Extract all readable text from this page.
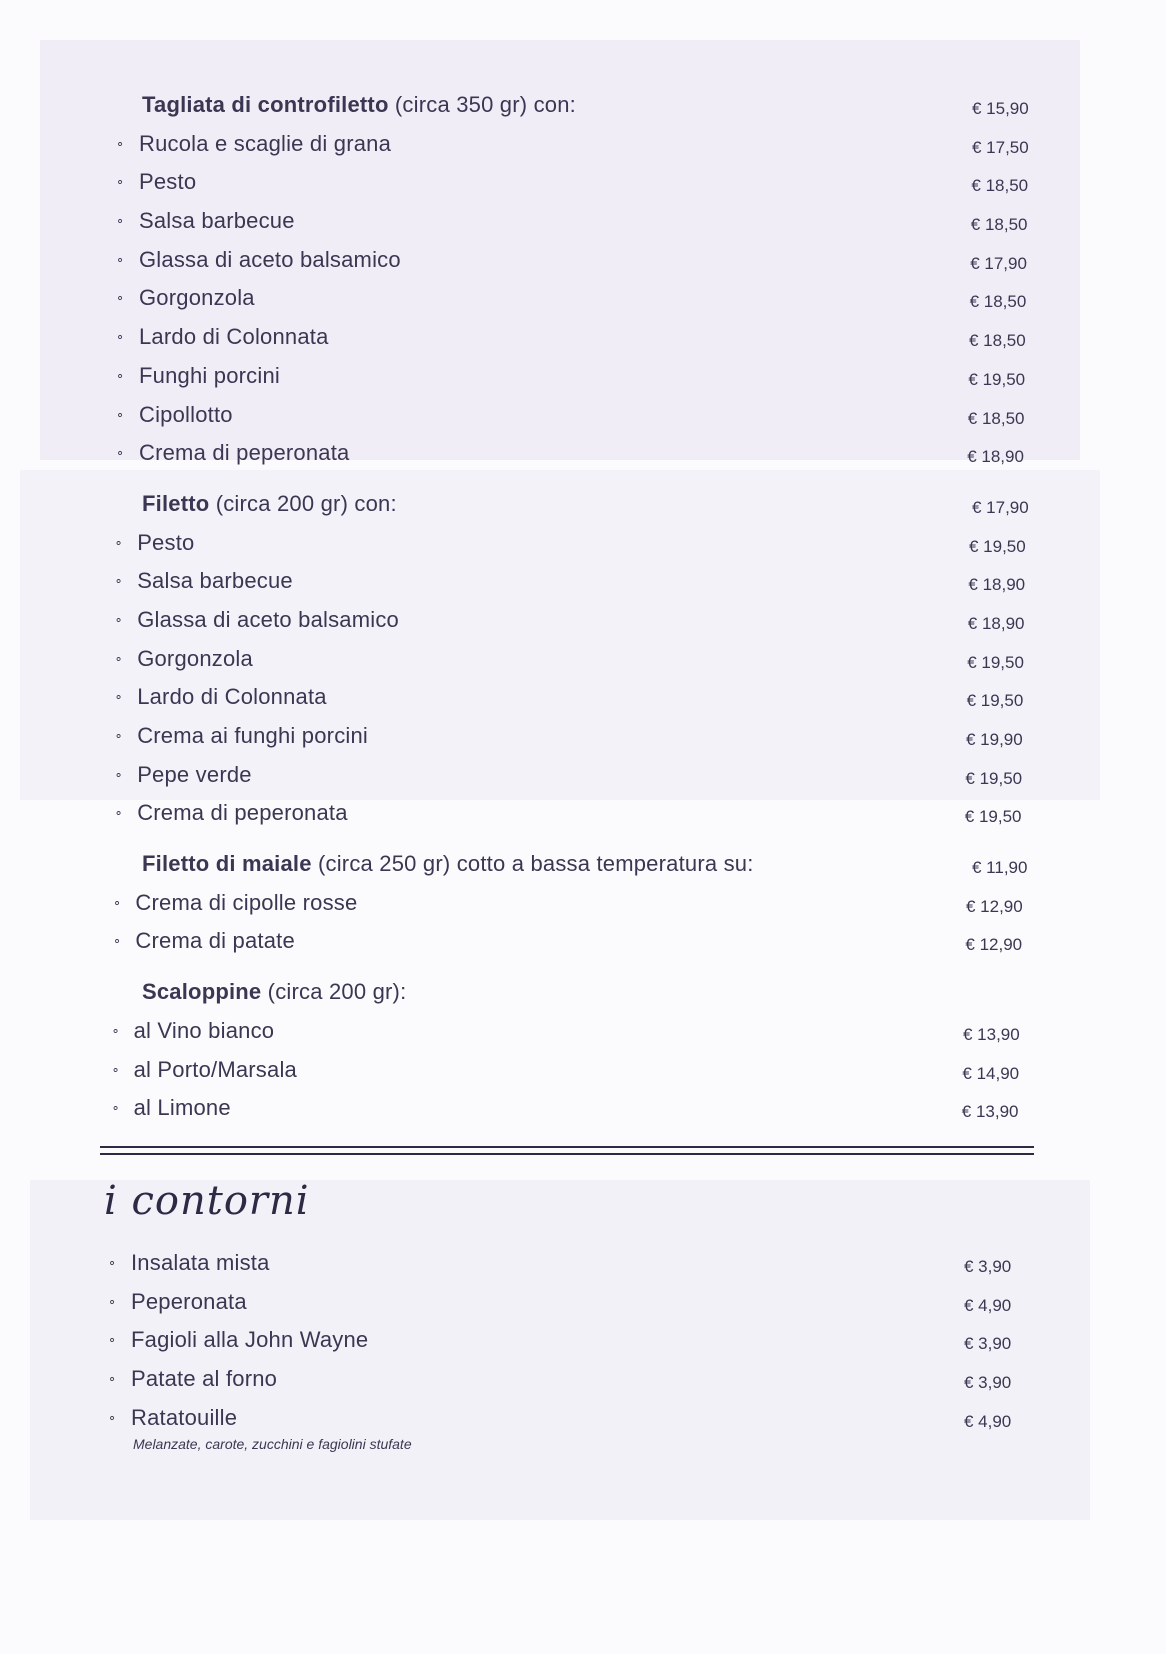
Tagliata di controfiletto (circa 350 gr) con:	€ 15,90
∘ Rucola e scaglie di grana	€ 17,50
∘ Pesto	€ 18,50
∘ Salsa barbecue	€ 18,50
∘ Glassa di aceto balsamico	€ 17,90
∘ Gorgonzola	€ 18,50
∘ Lardo di Colonnata	€ 18,50
∘ Funghi porcini	€ 19,50
∘ Cipollotto	€ 18,50
∘ Crema di peperonata	€ 18,90
Filetto (circa 200 gr) con:	€ 17,90
∘ Pesto	€ 19,50
∘ Salsa barbecue	€ 18,90
∘ Glassa di aceto balsamico	€ 18,90
∘ Gorgonzola	€ 19,50
∘ Lardo di Colonnata	€ 19,50
∘ Crema ai funghi porcini	€ 19,90
∘ Pepe verde	€ 19,50
∘ Crema di peperonata	€ 19,50
Filetto di maiale (circa 250 gr) cotto a bassa temperatura su:	€ 11,90
∘ Crema di cipolle rosse	€ 12,90
∘ Crema di patate	€ 12,90
Scaloppine (circa 200 gr):
∘ al Vino bianco	€ 13,90
∘ al Porto/Marsala	€ 14,90
∘ al Limone	€ 13,90
i contorni
∘ Insalata mista	€ 3,90
∘ Peperonata	€ 4,90
∘ Fagioli alla John Wayne	€ 3,90
∘ Patate al forno	€ 3,90
∘ Ratatouille	€ 4,90
Melanzate, carote, zucchini e fagiolini stufate
